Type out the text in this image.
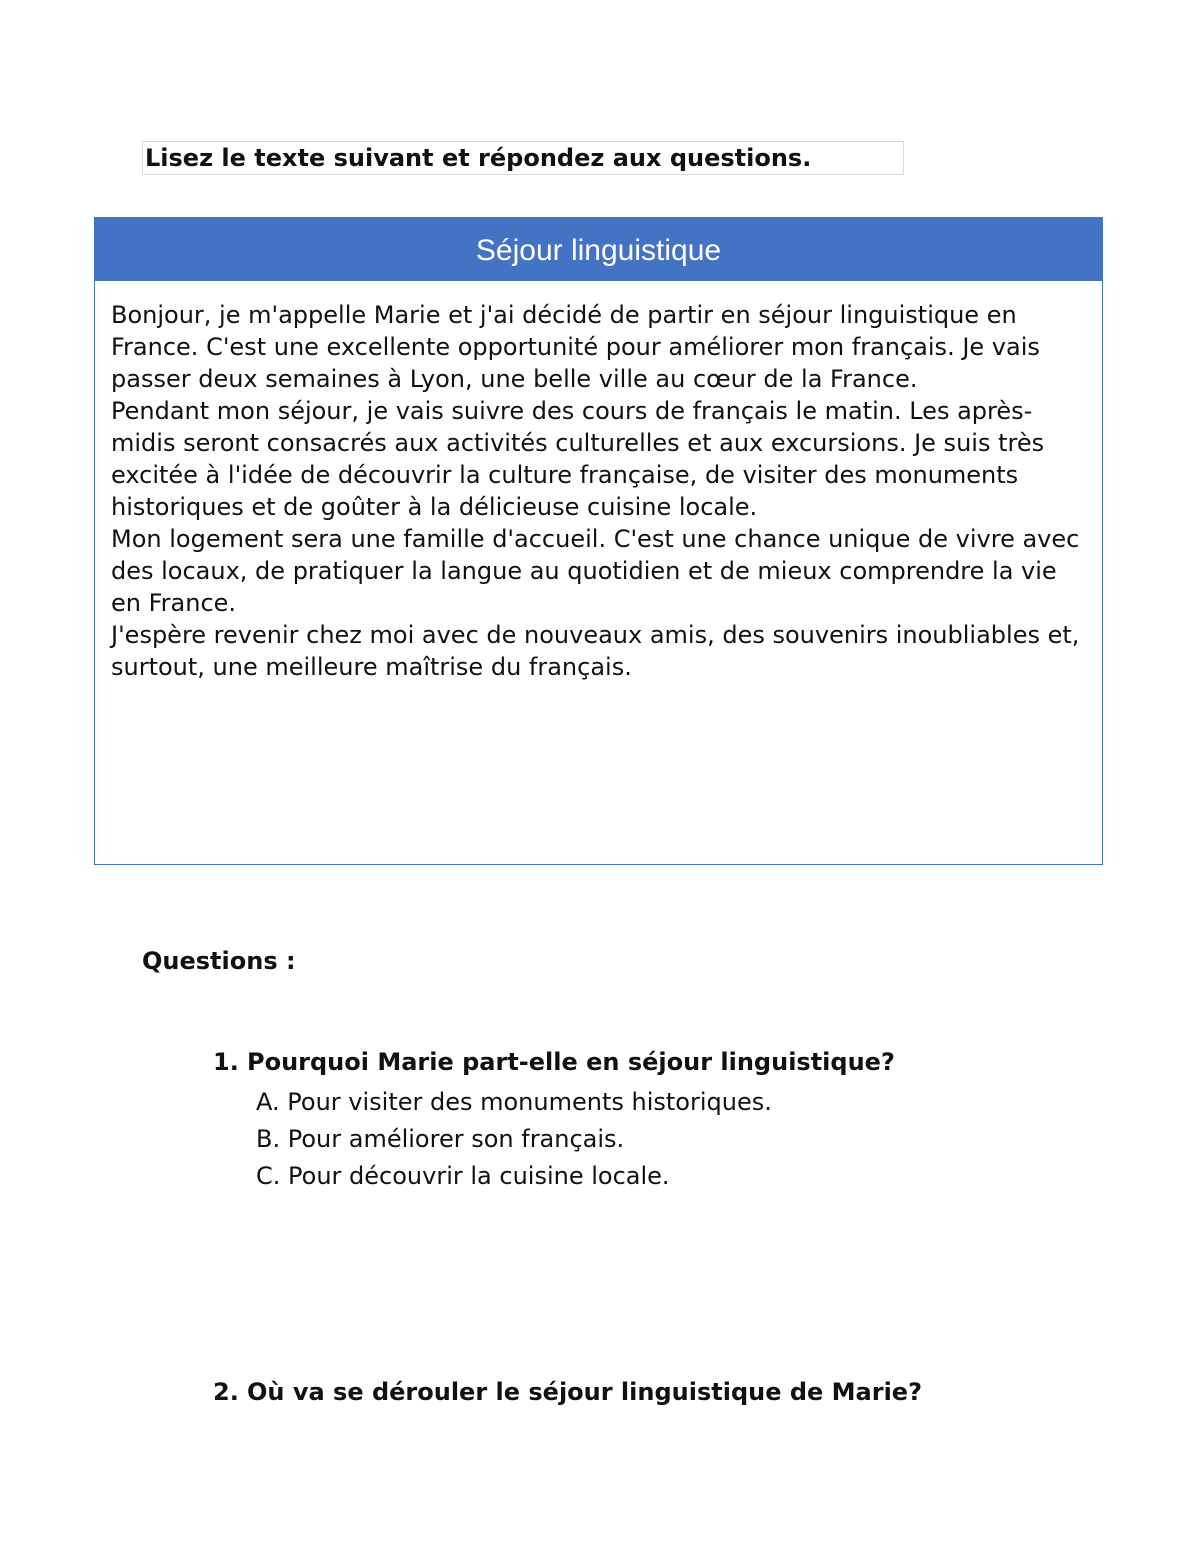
Lisez le texte suivant et répondez aux questions.
Séjour linguistique

Bonjour, je m'appelle Marie et j'ai décidé de partir en séjour linguistique en France. C'est une excellente opportunité pour améliorer mon français. Je vais passer deux semaines à Lyon, une belle ville au cœur de la France.

Pendant mon séjour, je vais suivre des cours de français le matin. Les après-midis seront consacrés aux activités culturelles et aux excursions. Je suis très excitée à l'idée de découvrir la culture française, de visiter des monuments historiques et de goûter à la délicieuse cuisine locale.

Mon logement sera une famille d'accueil. C'est une chance unique de vivre avec des locaux, de pratiquer la langue au quotidien et de mieux comprendre la vie en France.

J'espère revenir chez moi avec de nouveaux amis, des souvenirs inoubliables et, surtout, une meilleure maîtrise du français.

Questions :
1. Pourquoi Marie part-elle en séjour linguistique?
A. Pour visiter des monuments historiques.
B. Pour améliorer son français.
C. Pour découvrir la cuisine locale.
2. Où va se dérouler le séjour linguistique de Marie?
